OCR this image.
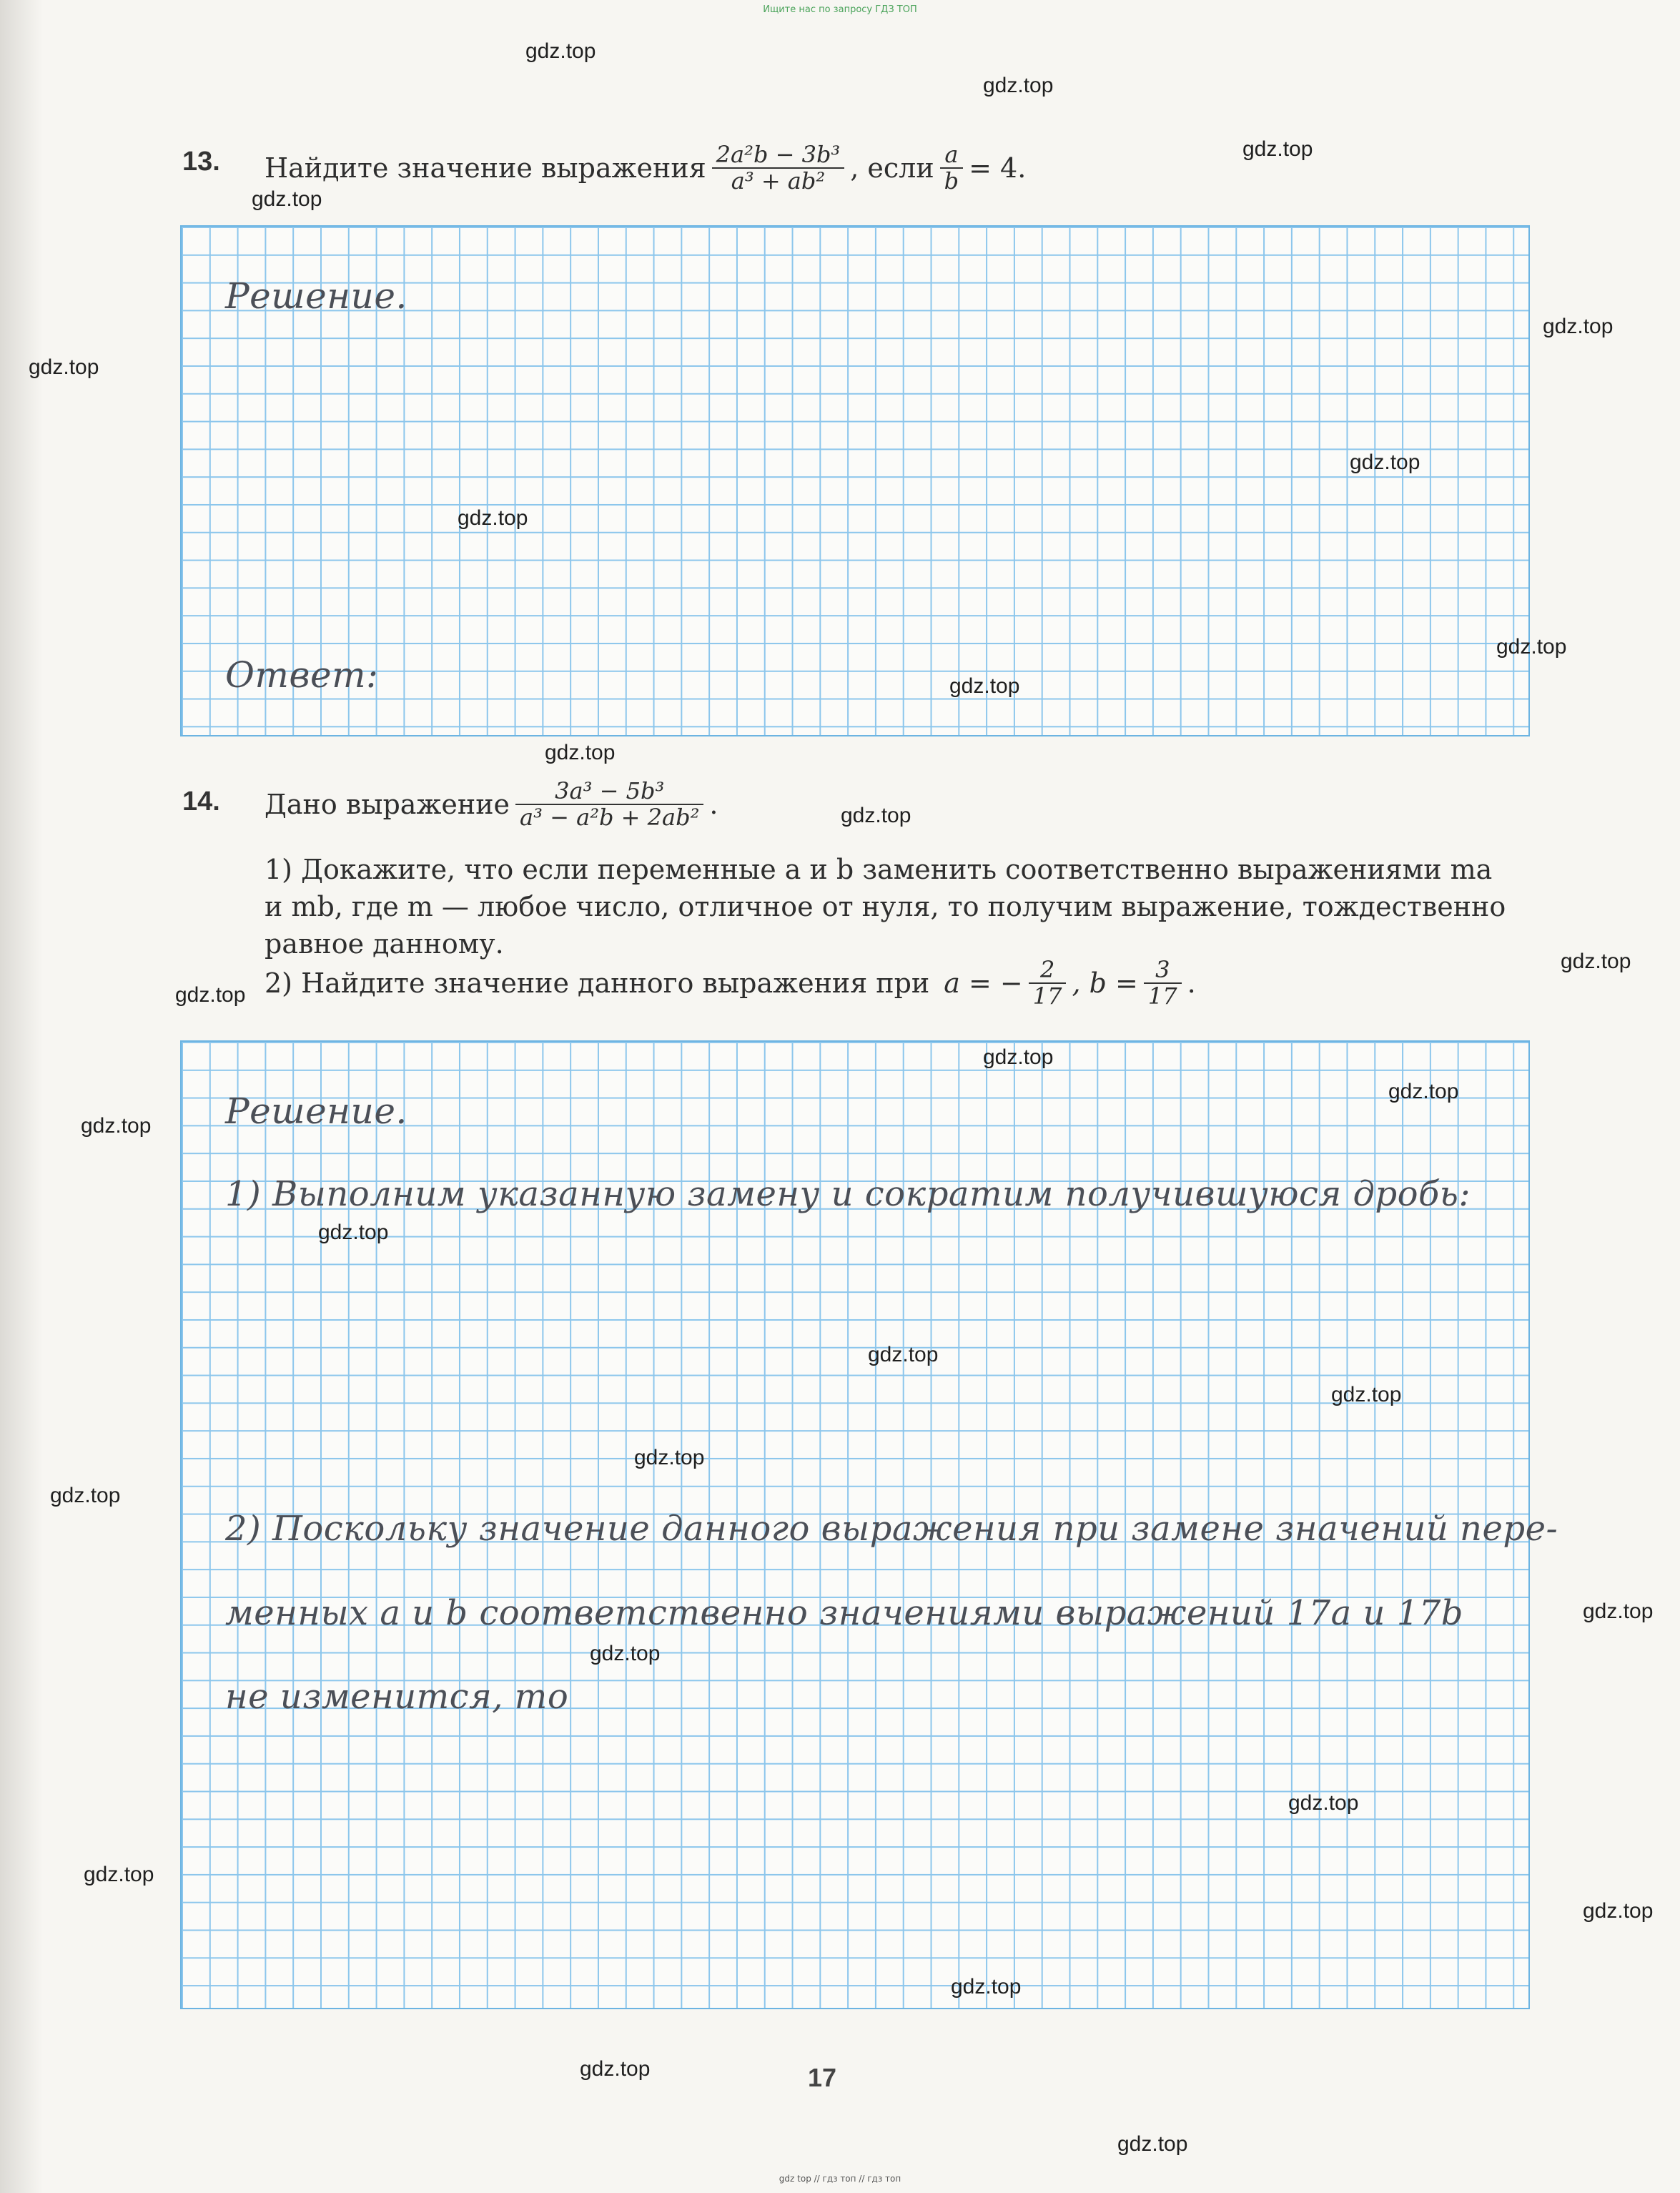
Ищите нас по запросу ГДЗ ТОП
13. Найдите значение выражения $\frac{\text{2a²b − 3b³}}{\text{a³ + ab²}}$ , если $\frac{a}{b} = 4$.
Решение.
Ответ:
14. Дано выражение $\frac{\text{3a³ − 5b³}}{\text{a³ − a²b + 2ab²}}$ .
1) Докажите, что если переменные a и b заменить соответственно выражениями ma
и mb, где m — любое число, отличное от нуля, то получим выражение, тождественно
равное данному.
2) Найдите значение данного выражения при a = − $\frac{2}{17}$ , $b = \frac{3}{17}$ .
Решение.
1) Выполним указанную замену и сократим получившуюся дробь:
2) Поскольку значение данного выражения при замене значений пере-
менных a и b соответственно значениями выражений 17a и 17b
не изменится, то
17
gdz top // гдз топ // гдз топ
gdz.top
gdz.top
gdz.top
gdz.top
gdz.top
gdz.top
gdz.top
gdz.top
gdz.top
gdz.top
gdz.top
gdz.top
gdz.top
gdz.top
gdz.top
gdz.top
gdz.top
gdz.top
gdz.top
gdz.top
gdz.top
gdz.top
gdz.top
gdz.top
gdz.top
gdz.top
gdz.top
gdz.top
gdz.top
gdz.top
